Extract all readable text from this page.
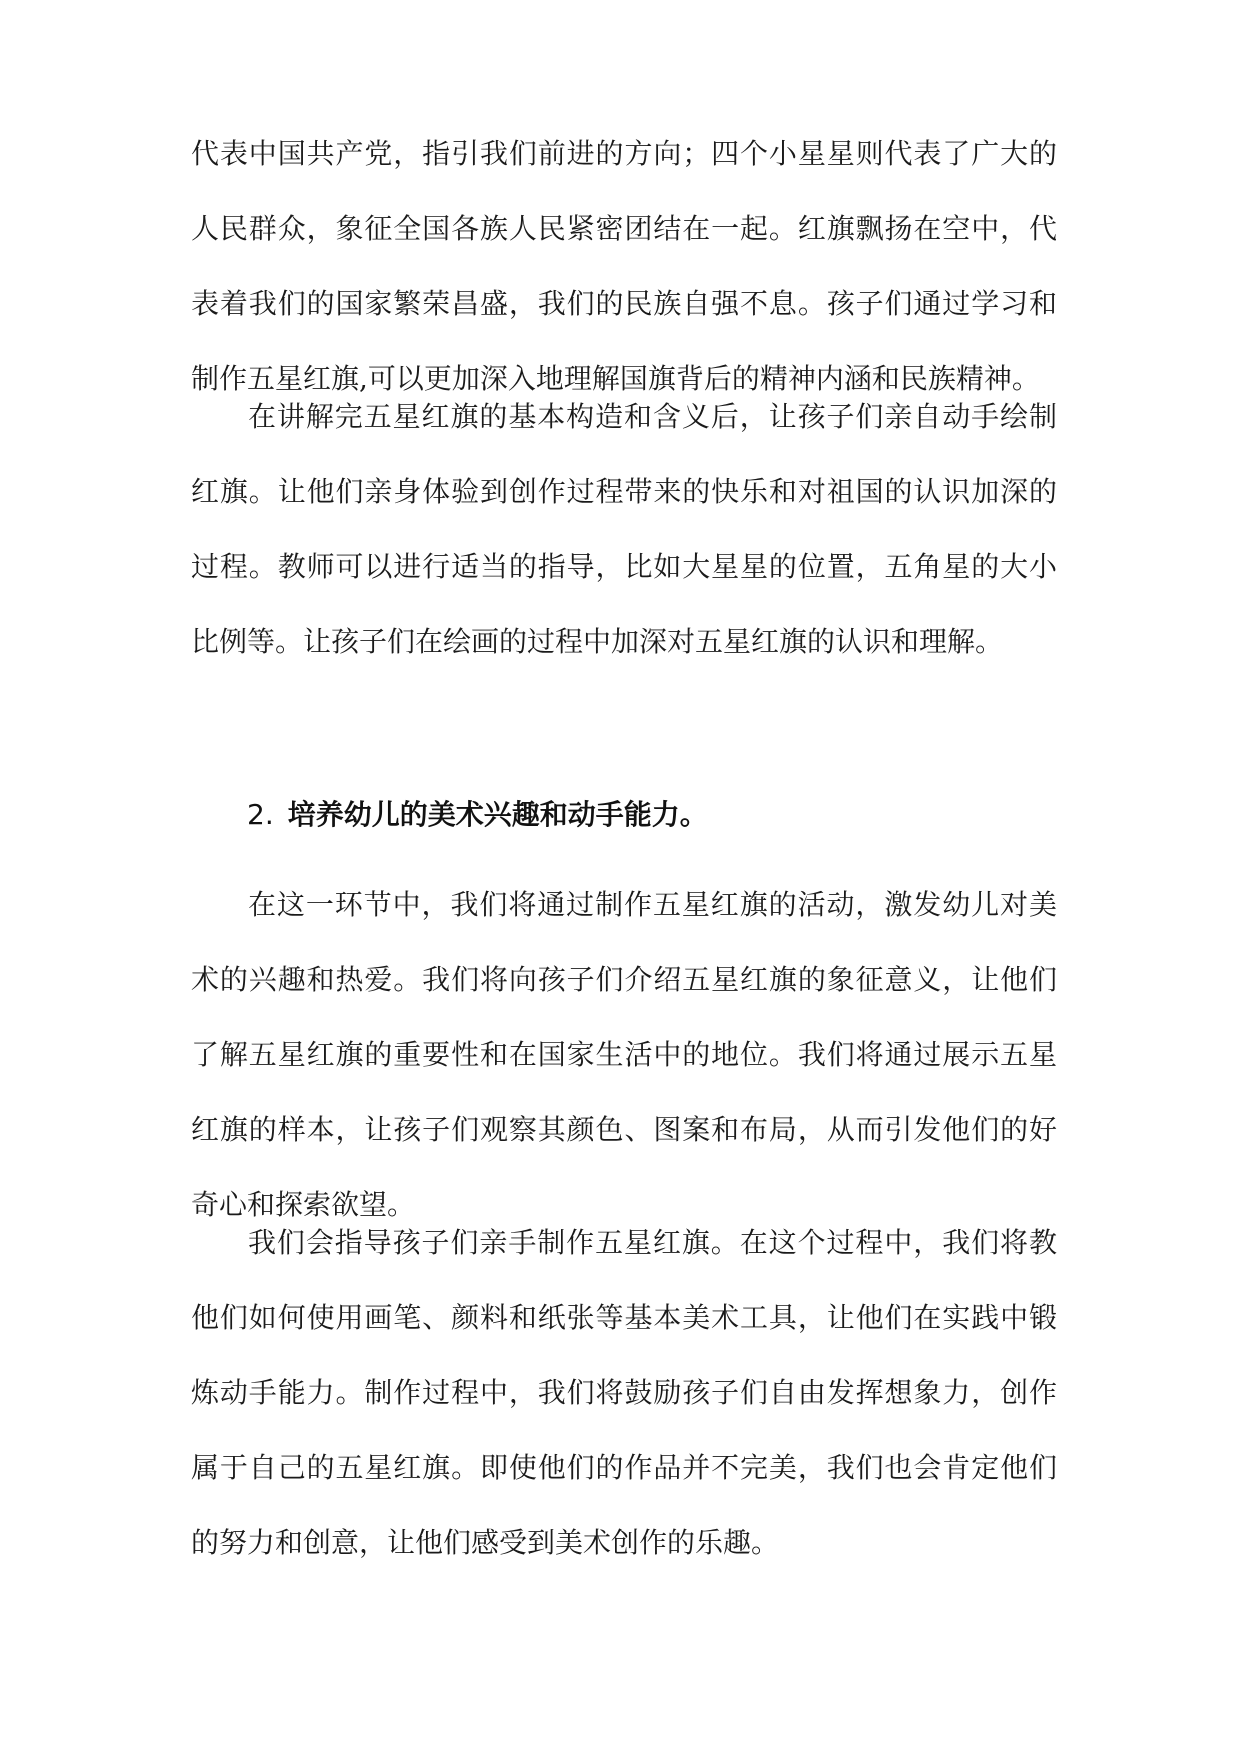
代表中国共产党，指引我们前进的方向；四个小星星则代表了广大的人民群众，象征全国各族人民紧密团结在一起。红旗飘扬在空中，代表着我们的国家繁荣昌盛，我们的民族自强不息。孩子们通过学习和制作五星红旗,可以更加深入地理解国旗背后的精神内涵和民族精神。

在讲解完五星红旗的基本构造和含义后，让孩子们亲自动手绘制红旗。让他们亲身体验到创作过程带来的快乐和对祖国的认识加深的过程。教师可以进行适当的指导，比如大星星的位置，五角星的大小比例等。让孩子们在绘画的过程中加深对五星红旗的认识和理解。

2. 培养幼儿的美术兴趣和动手能力。

在这一环节中，我们将通过制作五星红旗的活动，激发幼儿对美术的兴趣和热爱。我们将向孩子们介绍五星红旗的象征意义，让他们了解五星红旗的重要性和在国家生活中的地位。我们将通过展示五星红旗的样本，让孩子们观察其颜色、图案和布局，从而引发他们的好奇心和探索欲望。

我们会指导孩子们亲手制作五星红旗。在这个过程中，我们将教他们如何使用画笔、颜料和纸张等基本美术工具，让他们在实践中锻炼动手能力。制作过程中，我们将鼓励孩子们自由发挥想象力，创作属于自己的五星红旗。即使他们的作品并不完美，我们也会肯定他们的努力和创意，让他们感受到美术创作的乐趣。
